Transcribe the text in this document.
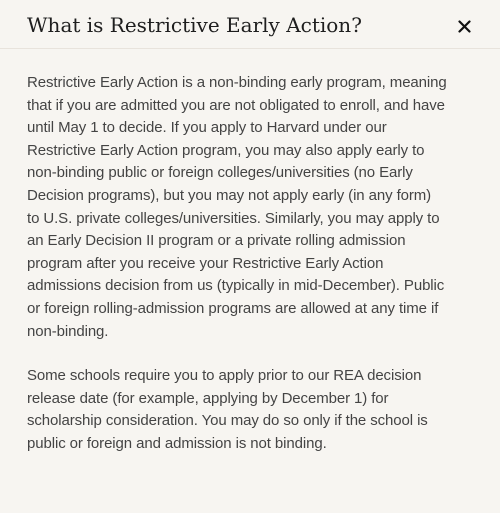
What is Restrictive Early Action?

Restrictive Early Action is a non-binding early program, meaning
that if you are admitted you are not obligated to enroll, and have
until May 1 to decide. If you apply to Harvard under our
Restrictive Early Action program, you may also apply early to
non-binding public or foreign colleges/universities (no Early
Decision programs), but you may not apply early (in any form)
to U.S. private colleges/universities. Similarly, you may apply to
an Early Decision II program or a private rolling admission
program after you receive your Restrictive Early Action
admissions decision from us (typically in mid-December). Public
or foreign rolling-admission programs are allowed at any time if
non-binding.

Some schools require you to apply prior to our REA decision
release date (for example, applying by December 1) for
scholarship consideration. You may do so only if the school is
public or foreign and admission is not binding.
